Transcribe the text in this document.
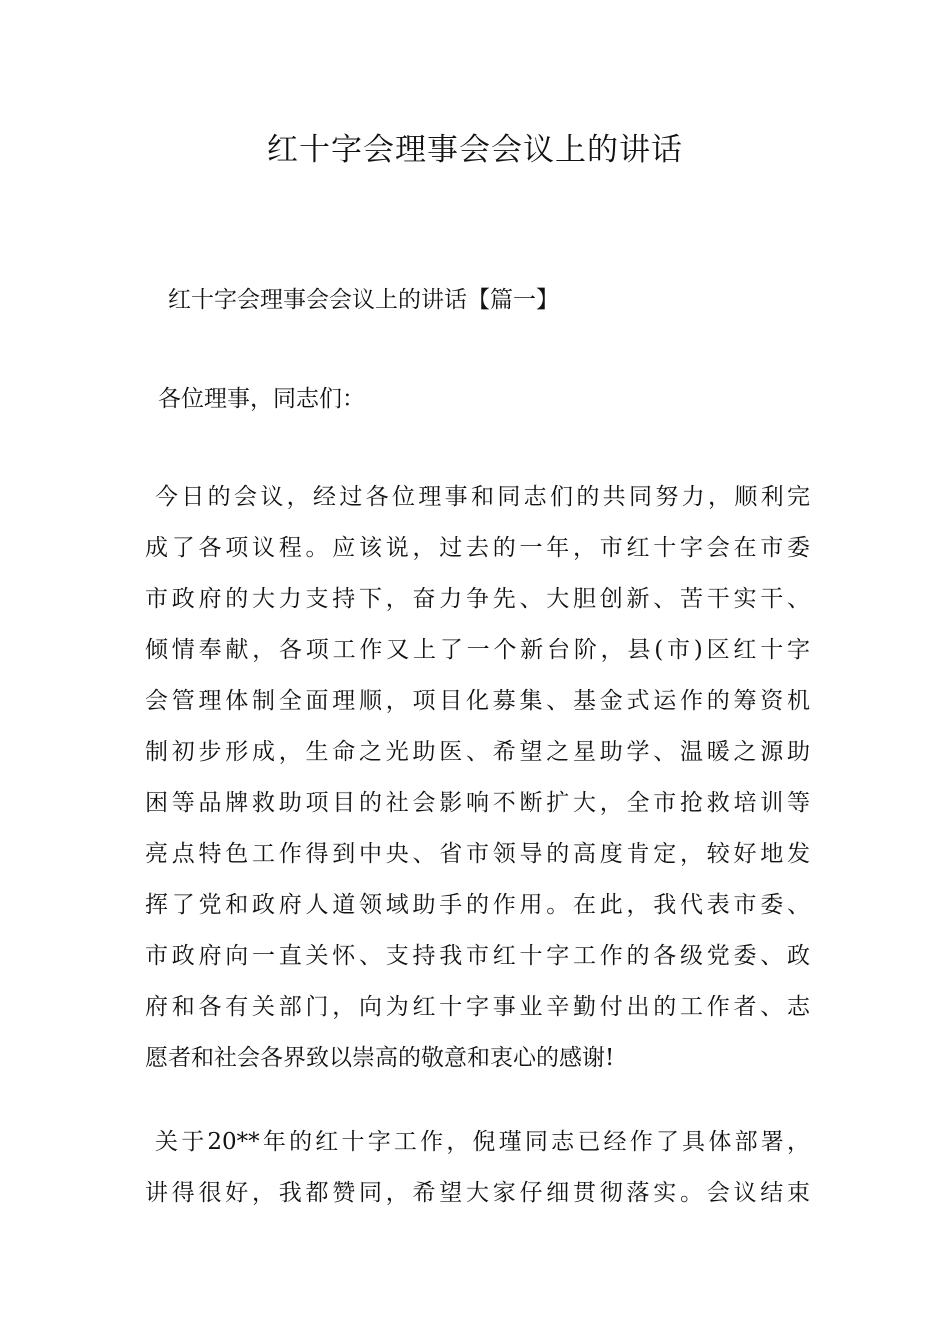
红十字会理事会会议上的讲话

红十字会理事会会议上的讲话【篇一】

各位理事，同志们：

今日的会议，经过各位理事和同志们的共同努力，顺利完
成了各项议程。应该说，过去的一年，市红十字会在市委
市政府的大力支持下，奋力争先、大胆创新、苦干实干、
倾情奉献，各项工作又上了一个新台阶，县(市)区红十字
会管理体制全面理顺，项目化募集、基金式运作的筹资机
制初步形成，生命之光助医、希望之星助学、温暖之源助
困等品牌救助项目的社会影响不断扩大，全市抢救培训等
亮点特色工作得到中央、省市领导的高度肯定，较好地发
挥了党和政府人道领域助手的作用。在此，我代表市委、
市政府向一直关怀、支持我市红十字工作的各级党委、政
府和各有关部门，向为红十字事业辛勤付出的工作者、志
愿者和社会各界致以崇高的敬意和衷心的感谢!
关于20**年的红十字工作，倪瑾同志已经作了具体部署，
讲得很好，我都赞同，希望大家仔细贯彻落实。会议结束
